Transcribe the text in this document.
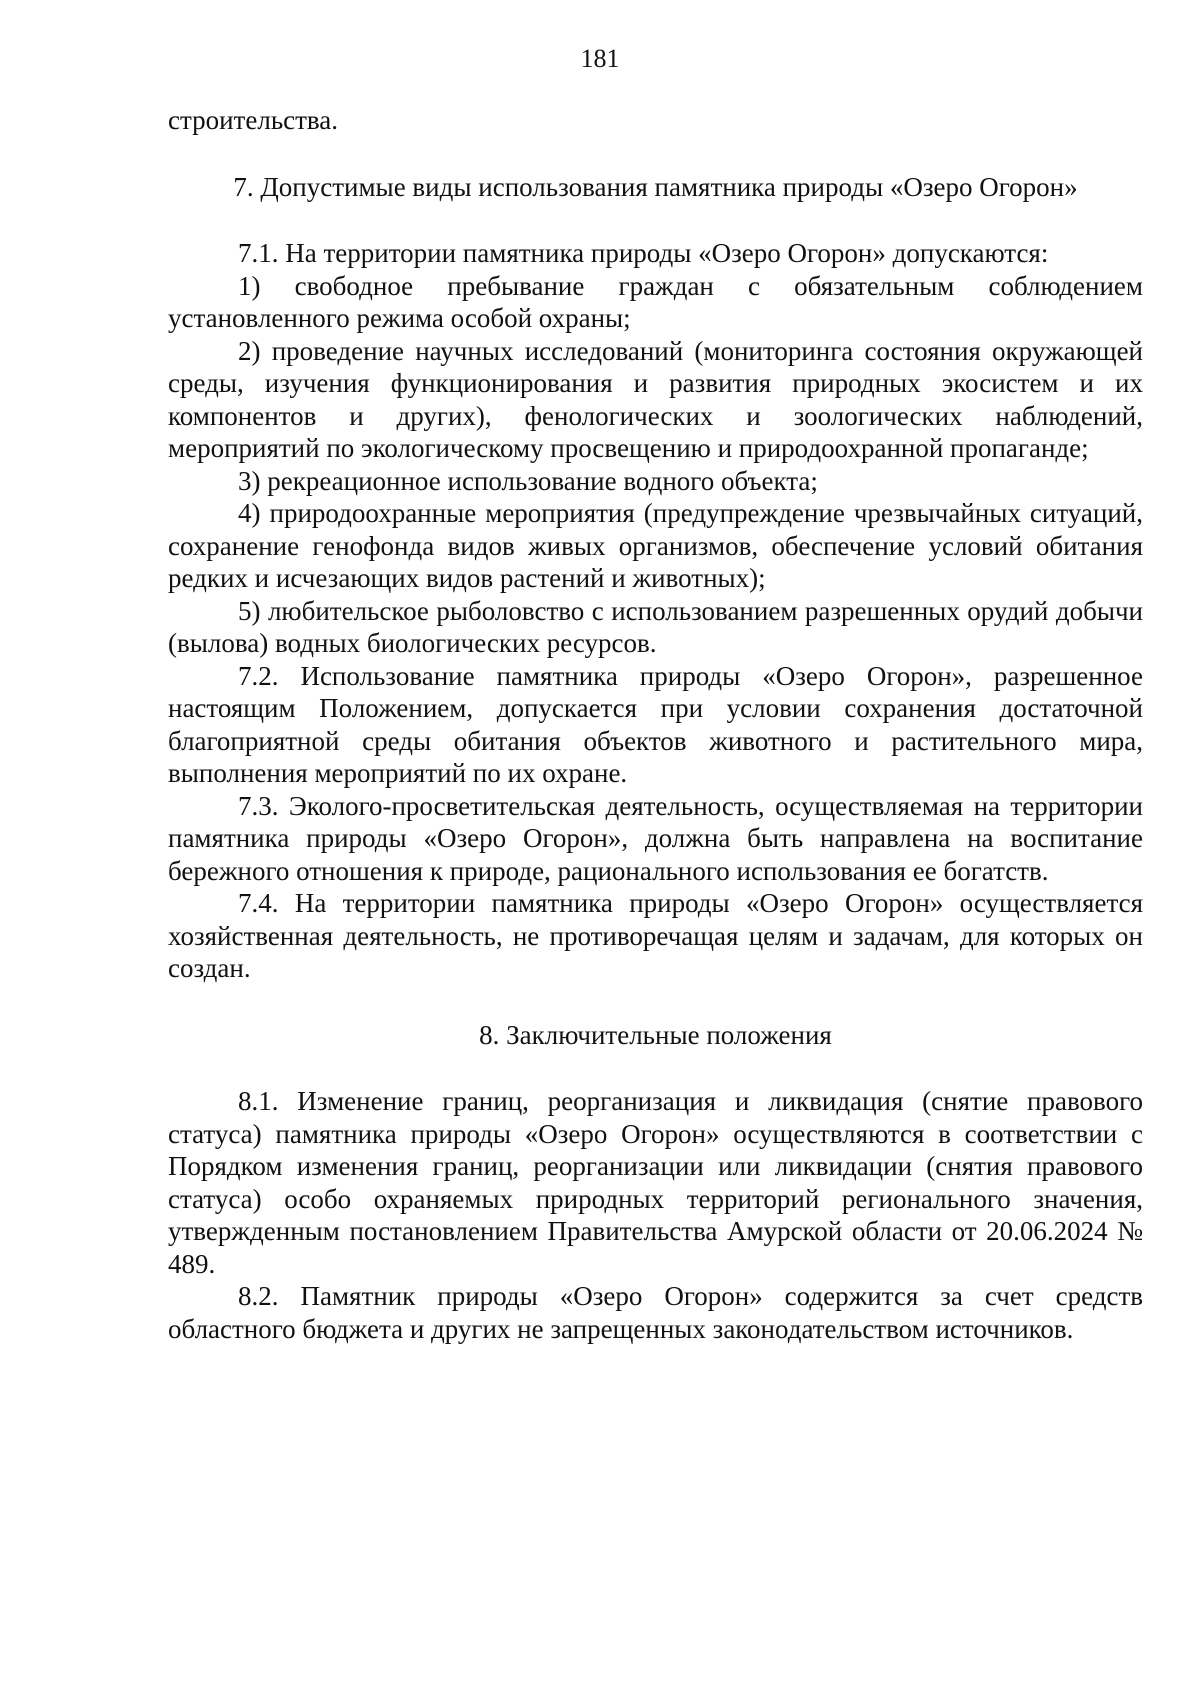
181

строительства.

7. Допустимые виды использования памятника природы «Озеро Огорон»

7.1. На территории памятника природы «Озеро Огорон» допускаются:

1) свободное пребывание граждан с обязательным соблюдением установленного режима особой охраны;

2) проведение научных исследований (мониторинга состояния окружающей среды, изучения функционирования и развития природных экосистем и их компонентов и других), фенологических и зоологических наблюдений, мероприятий по экологическому просвещению и природоохранной пропаганде;

3) рекреационное использование водного объекта;

4) природоохранные мероприятия (предупреждение чрезвычайных ситуаций, сохранение генофонда видов живых организмов, обеспечение условий обитания редких и исчезающих видов растений и животных);

5) любительское рыболовство с использованием разрешенных орудий добычи (вылова) водных биологических ресурсов.

7.2. Использование памятника природы «Озеро Огорон», разрешенное настоящим Положением, допускается при условии сохранения достаточной благоприятной среды обитания объектов животного и растительного мира, выполнения мероприятий по их охране.

7.3. Эколого-просветительская деятельность, осуществляемая на территории памятника природы «Озеро Огорон», должна быть направлена на воспитание бережного отношения к природе, рационального использования ее богатств.

7.4. На территории памятника природы «Озеро Огорон» осуществляется хозяйственная деятельность, не противоречащая целям и задачам, для которых он создан.

8. Заключительные положения

8.1. Изменение границ, реорганизация и ликвидация (снятие правового статуса) памятника природы «Озеро Огорон» осуществляются в соответствии с Порядком изменения границ, реорганизации или ликвидации (снятия правового статуса) особо охраняемых природных территорий регионального значения, утвержденным постановлением Правительства Амурской области от 20.06.2024 № 489.

8.2. Памятник природы «Озеро Огорон» содержится за счет средств областного бюджета и других не запрещенных законодательством источников.
